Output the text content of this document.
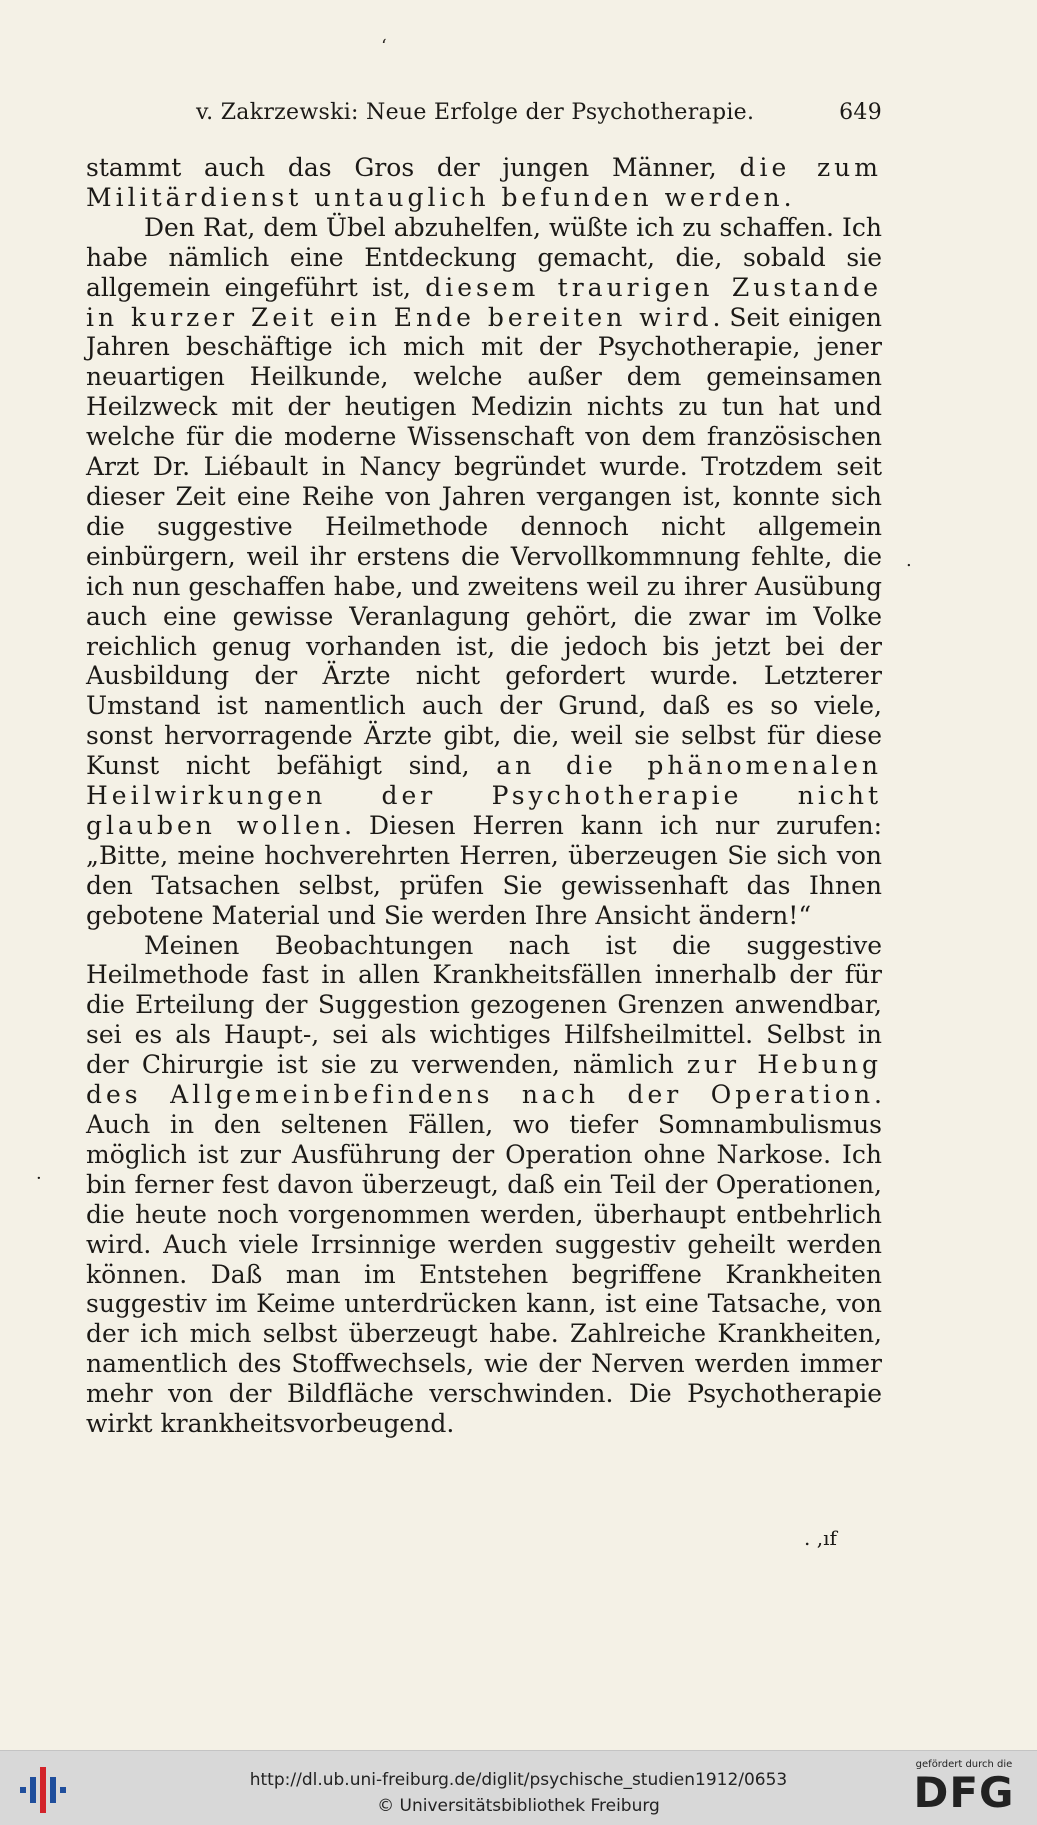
‘
v. Zakrzewski: Neue Erfolge der Psychotherapie.	649

stammt auch das Gros der jungen Männer, die zum Militärdienst untauglich befunden werden.

Den Rat, dem Übel abzuhelfen, wüßte ich zu schaffen. Ich habe nämlich eine Entdeckung gemacht, die, sobald sie allgemein eingeführt ist, diesem traurigen Zustande in kurzer Zeit ein Ende bereiten wird. Seit einigen Jahren beschäftige ich mich mit der Psychotherapie, jener neuartigen Heilkunde, welche außer dem gemeinsamen Heilzweck mit der heutigen Medizin nichts zu tun hat und welche für die moderne Wissenschaft von dem französischen Arzt Dr. Liébault in Nancy begründet wurde. Trotzdem seit dieser Zeit eine Reihe von Jahren vergangen ist, konnte sich die suggestive Heilmethode dennoch nicht allgemein einbürgern, weil ihr erstens die Vervollkommnung fehlte, die ich nun geschaffen habe, und zweitens weil zu ihrer Ausübung auch eine gewisse Veranlagung gehört, die zwar im Volke reichlich genug vorhanden ist, die jedoch bis jetzt bei der Ausbildung der Ärzte nicht gefordert wurde. Letzterer Umstand ist namentlich auch der Grund, daß es so viele, sonst hervorragende Ärzte gibt, die, weil sie selbst für diese Kunst nicht befähigt sind, an die phänomenalen Heilwirkungen der Psychotherapie nicht glauben wollen. Diesen Herren kann ich nur zurufen: „Bitte, meine hochverehrten Herren, überzeugen Sie sich von den Tatsachen selbst, prüfen Sie gewissenhaft das Ihnen gebotene Material und Sie werden Ihre Ansicht ändern!“

Meinen Beobachtungen nach ist die suggestive Heilmethode fast in allen Krankheitsfällen innerhalb der für die Erteilung der Suggestion gezogenen Grenzen anwendbar, sei es als Haupt-, sei als wichtiges Hilfsheilmittel. Selbst in der Chirurgie ist sie zu verwenden, nämlich zur Hebung des Allgemeinbefindens nach der Operation. Auch in den seltenen Fällen, wo tiefer Somnambulismus möglich ist zur Ausführung der Operation ohne Narkose. Ich bin ferner fest davon überzeugt, daß ein Teil der Operationen, die heute noch vorgenommen werden, überhaupt entbehrlich wird. Auch viele Irrsinnige werden suggestiv geheilt werden können. Daß man im Entstehen begriffene Krankheiten suggestiv im Keime unterdrücken kann, ist eine Tatsache, von der ich mich selbst überzeugt habe. Zahlreiche Krankheiten, namentlich des Stoffwechsels, wie der Nerven werden immer mehr von der Bildfläche verschwinden. Die Psychotherapie wirkt krankheitsvorbeugend.

.
·
. ,ıf
http://dl.ub.uni-freiburg.de/diglit/psychische_studien1912/0653
© Universitätsbibliothek Freiburg
gefördert durch die
DFG
